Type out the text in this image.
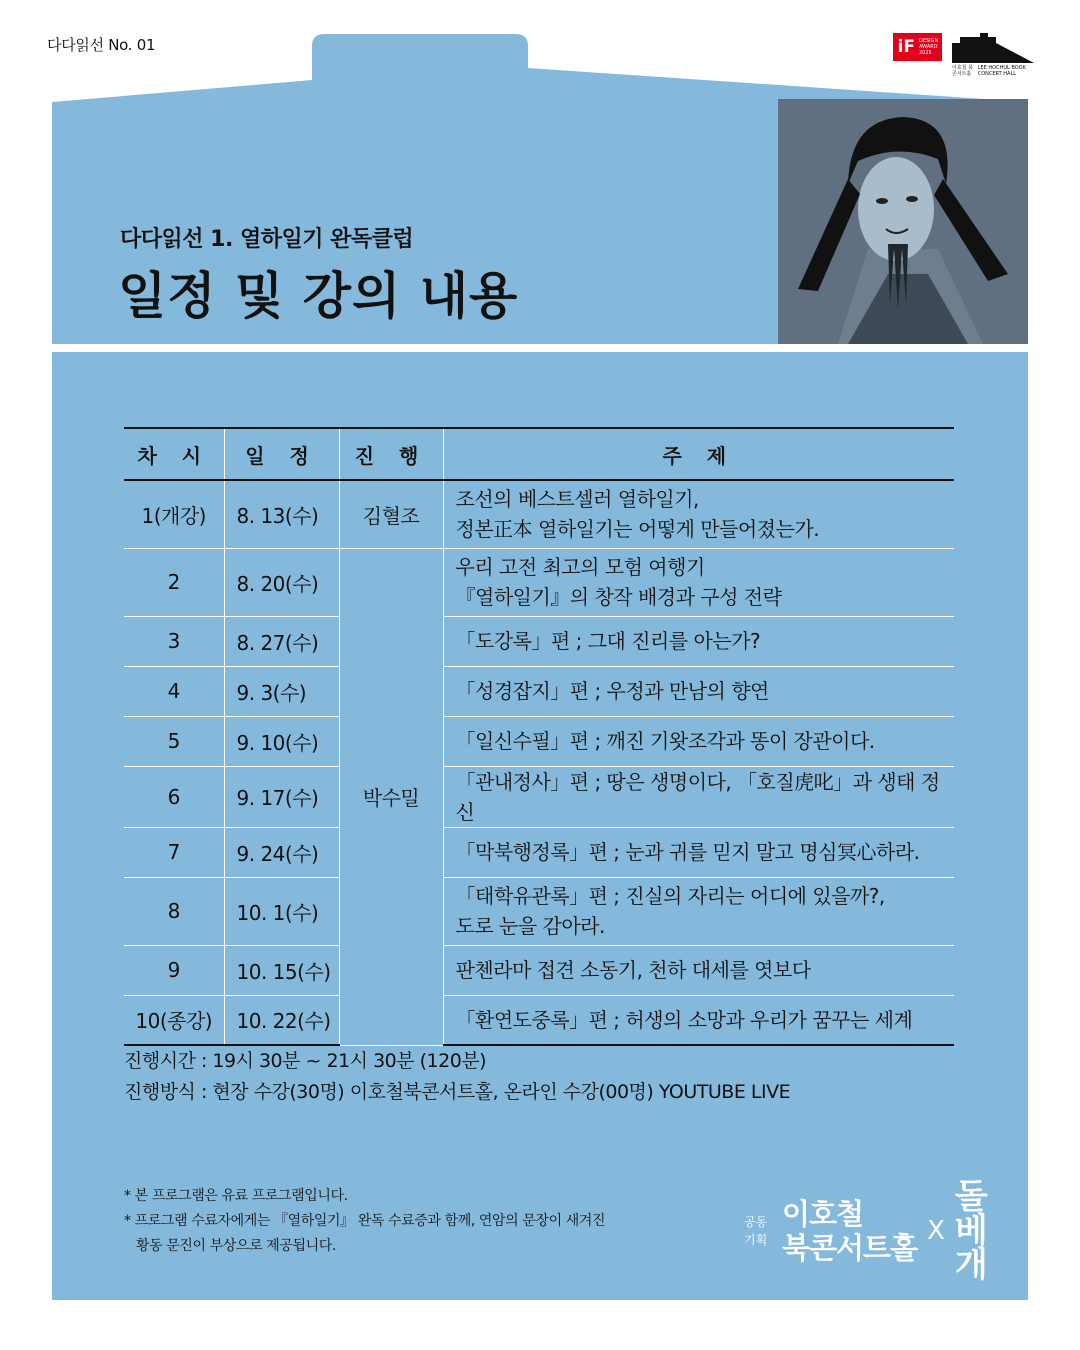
다다읽선 No. 01	iF DESIGN AWARD 2025
이호철 북콘서트홀
LEE HOCHUL BOOK CONCERT HALL
다다읽선 1. 열하일기 완독클럽
일정 및 강의 내용
차 시	일 정	진 행	주 제
1(개강)	8. 13(수)	김혈조	조선의 베스트셀러 열하일기,
정본正本 열하일기는 어떻게 만들어졌는가.

2	8. 20(수)	박수밀	우리 고전 최고의 모험 여행기
『열하일기』의 창작 배경과 구성 전략

3	8. 27(수)		「도강록」편 ; 그대 진리를 아는가?
4	9. 3(수)		「성경잡지」편 ; 우정과 만남의 향연
5	9. 10(수)		「일신수필」편 ; 깨진 기왓조각과 똥이 장관이다.
6	9. 17(수)		「관내정사」편 ; 땅은 생명이다, 「호질虎叱」과 생태 정신
7	9. 24(수)		「막북행정록」편 ; 눈과 귀를 믿지 말고 명심冥心하라.
8	10. 1(수)		「태학유관록」편 ; 진실의 자리는 어디에 있을까?,
도로 눈을 감아라.

9	10. 15(수)		판첸라마 접견 소동기, 천하 대세를 엿보다
10(종강)	10. 22(수)		「환연도중록」편 ; 허생의 소망과 우리가 꿈꾸는 세계
진행시간 : 19시 30분 ~ 21시 30분 (120분)
진행방식 : 현장 수강(30명) 이호철북콘서트홀, 온라인 수강(00명) YOUTUBE LIVE
* 본 프로그램은 유료 프로그램입니다.
* 프로그램 수료자에게는 『열하일기』 완독 수료증과 함께, 연암의 문장이 새겨진
황동 문진이 부상으로 제공됩니다.
공동 기획
이호철
북콘서트홀 X
돌베개
